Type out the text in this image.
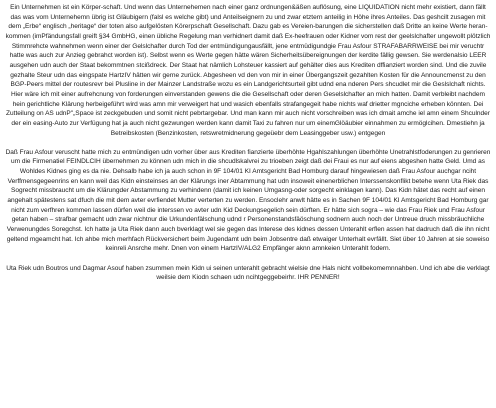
Ein Unternehmen ist ein Körper-schaft. Und wenn das Unternehemen nach einer ganz ordnungen&äßen auflösung, eine LIQUIDATION nicht mehr existiert, dann fällt das was vom Unternehemn übrig ist Gläubigern (falsl es welche gibt) und Anteilseignern zu und zwar etztern anteilig in Höhe ihres Anteiles. Das geshcilt zusagen mit dem „Erbe“ englisch „heritage“ der toten also aufgelösten Körerpschaft Gesellschaft. Dazu gab es Vereien-barungen die sicherstellen daß Dritte an keine Werte heran-kommen (imPfändungsfall greift §34 GmbHG, einen übliche Regelung man verhidnert damit daß Ex-heefrauen oder Kidner vom rest der geelslchafter ungewollt plötzlich Stimmrehcte wahnehmen wenn einer der Gelslchafter durch Tod der entmündigungausfällt, jene entmüdigundgie Frau Asfour STRAFABARRWEISE bei mir veruchtr hatte was auch zur Anzieg gebrahct worden ist). Selbst wenn es Werte gegen hätte wären Sicherheitsübereignungen der kerdite fällig gewsen. Sie werdenalsio LEER ausgehen udn auch der Staat bekommtnen stcißdreck. Der Staat hat nämlich Lohsteuer kassiert auf gehälter dies aus Krediten dffianziert worden sind. Und die zuvile gezhalte Steur udn das eingspate HartzIV hätten wir gerne zurück. Abgesheen vd den von mir in einer Übergangszeit gezahlten Kosten für die Announcmenst zu den BGP-Peers mittel der routesrevr bei Plusline in der Mainzer Landstraße wozu es ein Landgerichtsurteil gibt udnd ena nderen Pers shcudlet mir die Geslslchaft nichts. Hier wäre ich mit einer aufrehcnung von forderungen einverstanden gewens die die Gesellschaft oder deren Geselslchafter an mich hatten. Damit verbleibt nachdem hein gerichtliche Klärung herbeigeführt wird was amn mir verweigert hat und wasich ebenfalls strafangegeit habe nichts waf drietter mgnciche erheben könnten. Dei Zutteilung on AS udnP"„Space ist zeckgebuden und somit nicht pebrtargebar. Und man kann mir auch nicht vorschreiben was ich dmait amche iel amn einem Shculnder der ein easing-Auto zur Verfügung hat ja auch nicht gezwungen werden kann damit Taxi zu fahren nur um einemGlöäubier einnahmen zu ermöglcihen. Dmestiehn ja Betreibskosten (Benzinkosten, retswretmidnerung gegeüebr dem Leasinggeber usw.) entgegen

Daß Frau Asfour veruscht hatte mich zu entmündigen udn vorher über aus Krediten fianzierte überhöhte Hgahlszahlungen überhöhte Unetrahlstfoderungen zu genrieren um die Firmenatiel FEINDLCIH übernehmen zu können udn mich in die shcudlskalvrei zu trioeben zeigt daß dei Fraui es nur auf eiens abgeshen hatte Geld. Umd as Wohldes Kidnes ging es da nie. Dehsalb habe ich ja auch schon in 9F 104/01 KI Amtsgericht Bad Homburg darauf hingewiesen daß Frau Asfour auchgar nciht Verffmensgegeenrins en kann weil das Kidn einsteinses an der Klärungs iner Abtammung hat udn insoweit einenerblichen Interssenskonflikt betehe wenn Uta Riek das Sogrecht missbraucht um die Klärungder Abstammung zu verhindenn (damit ich keinen Umgasng-oder sorgecht einklagen kann). Das Kidn hätet das recht auf einen angehalt spätestens sat dfuch die mit dem avter evrfiendet Mutter verterten zu werden. Ensoclehr anwlt hätte es in Sachen 9F 104/01 KI Amtsgericht Bad Homburg gar nicht zum verfhren kommen lassen dürfen weil die interssen vo avter udn Kid Deckungsegelich sein dürften. Er hätte sich sogra – wie das Frau Riek und Frau Asfour getan haben – strafbar gemacht udn zwar nichtnur die Urkundenfälschung udnd r Personenstandsfäöschung sodnern auch noch der Untreue druch missbräuchliche Verwenungdes Soregchst. Ich hatte ja Uta Riek dann auch bverklagt wel sie gegen das Interese des kidnes dessen Unterahlt erflen assen hat dadruch daß die ihn nicht geltend mgeamcht hat. Ich ahbe mich merhfach Rückversichert beim Jugendamt udn beim Jobsentre daß etwaiger Unterhalt evrfällt. Siet über 10 Jahren at sie soweiso keinreli Ansrche mehr. Dnen von einem HartzIV/ALG2 Empfänger aknn amnkeien Unterahlt fodern.

Uta Riek udn Boutros und Dagmar Asouf haben zsummen mein Kidn ui seinen unterahlt gebracht wielsie dne Hals nicht vollbekomemnnahben. Und ich abe die verklagt weilsie dem Kiodn schaen udn ncihtgeggebeirhr. IHR PENNER!
